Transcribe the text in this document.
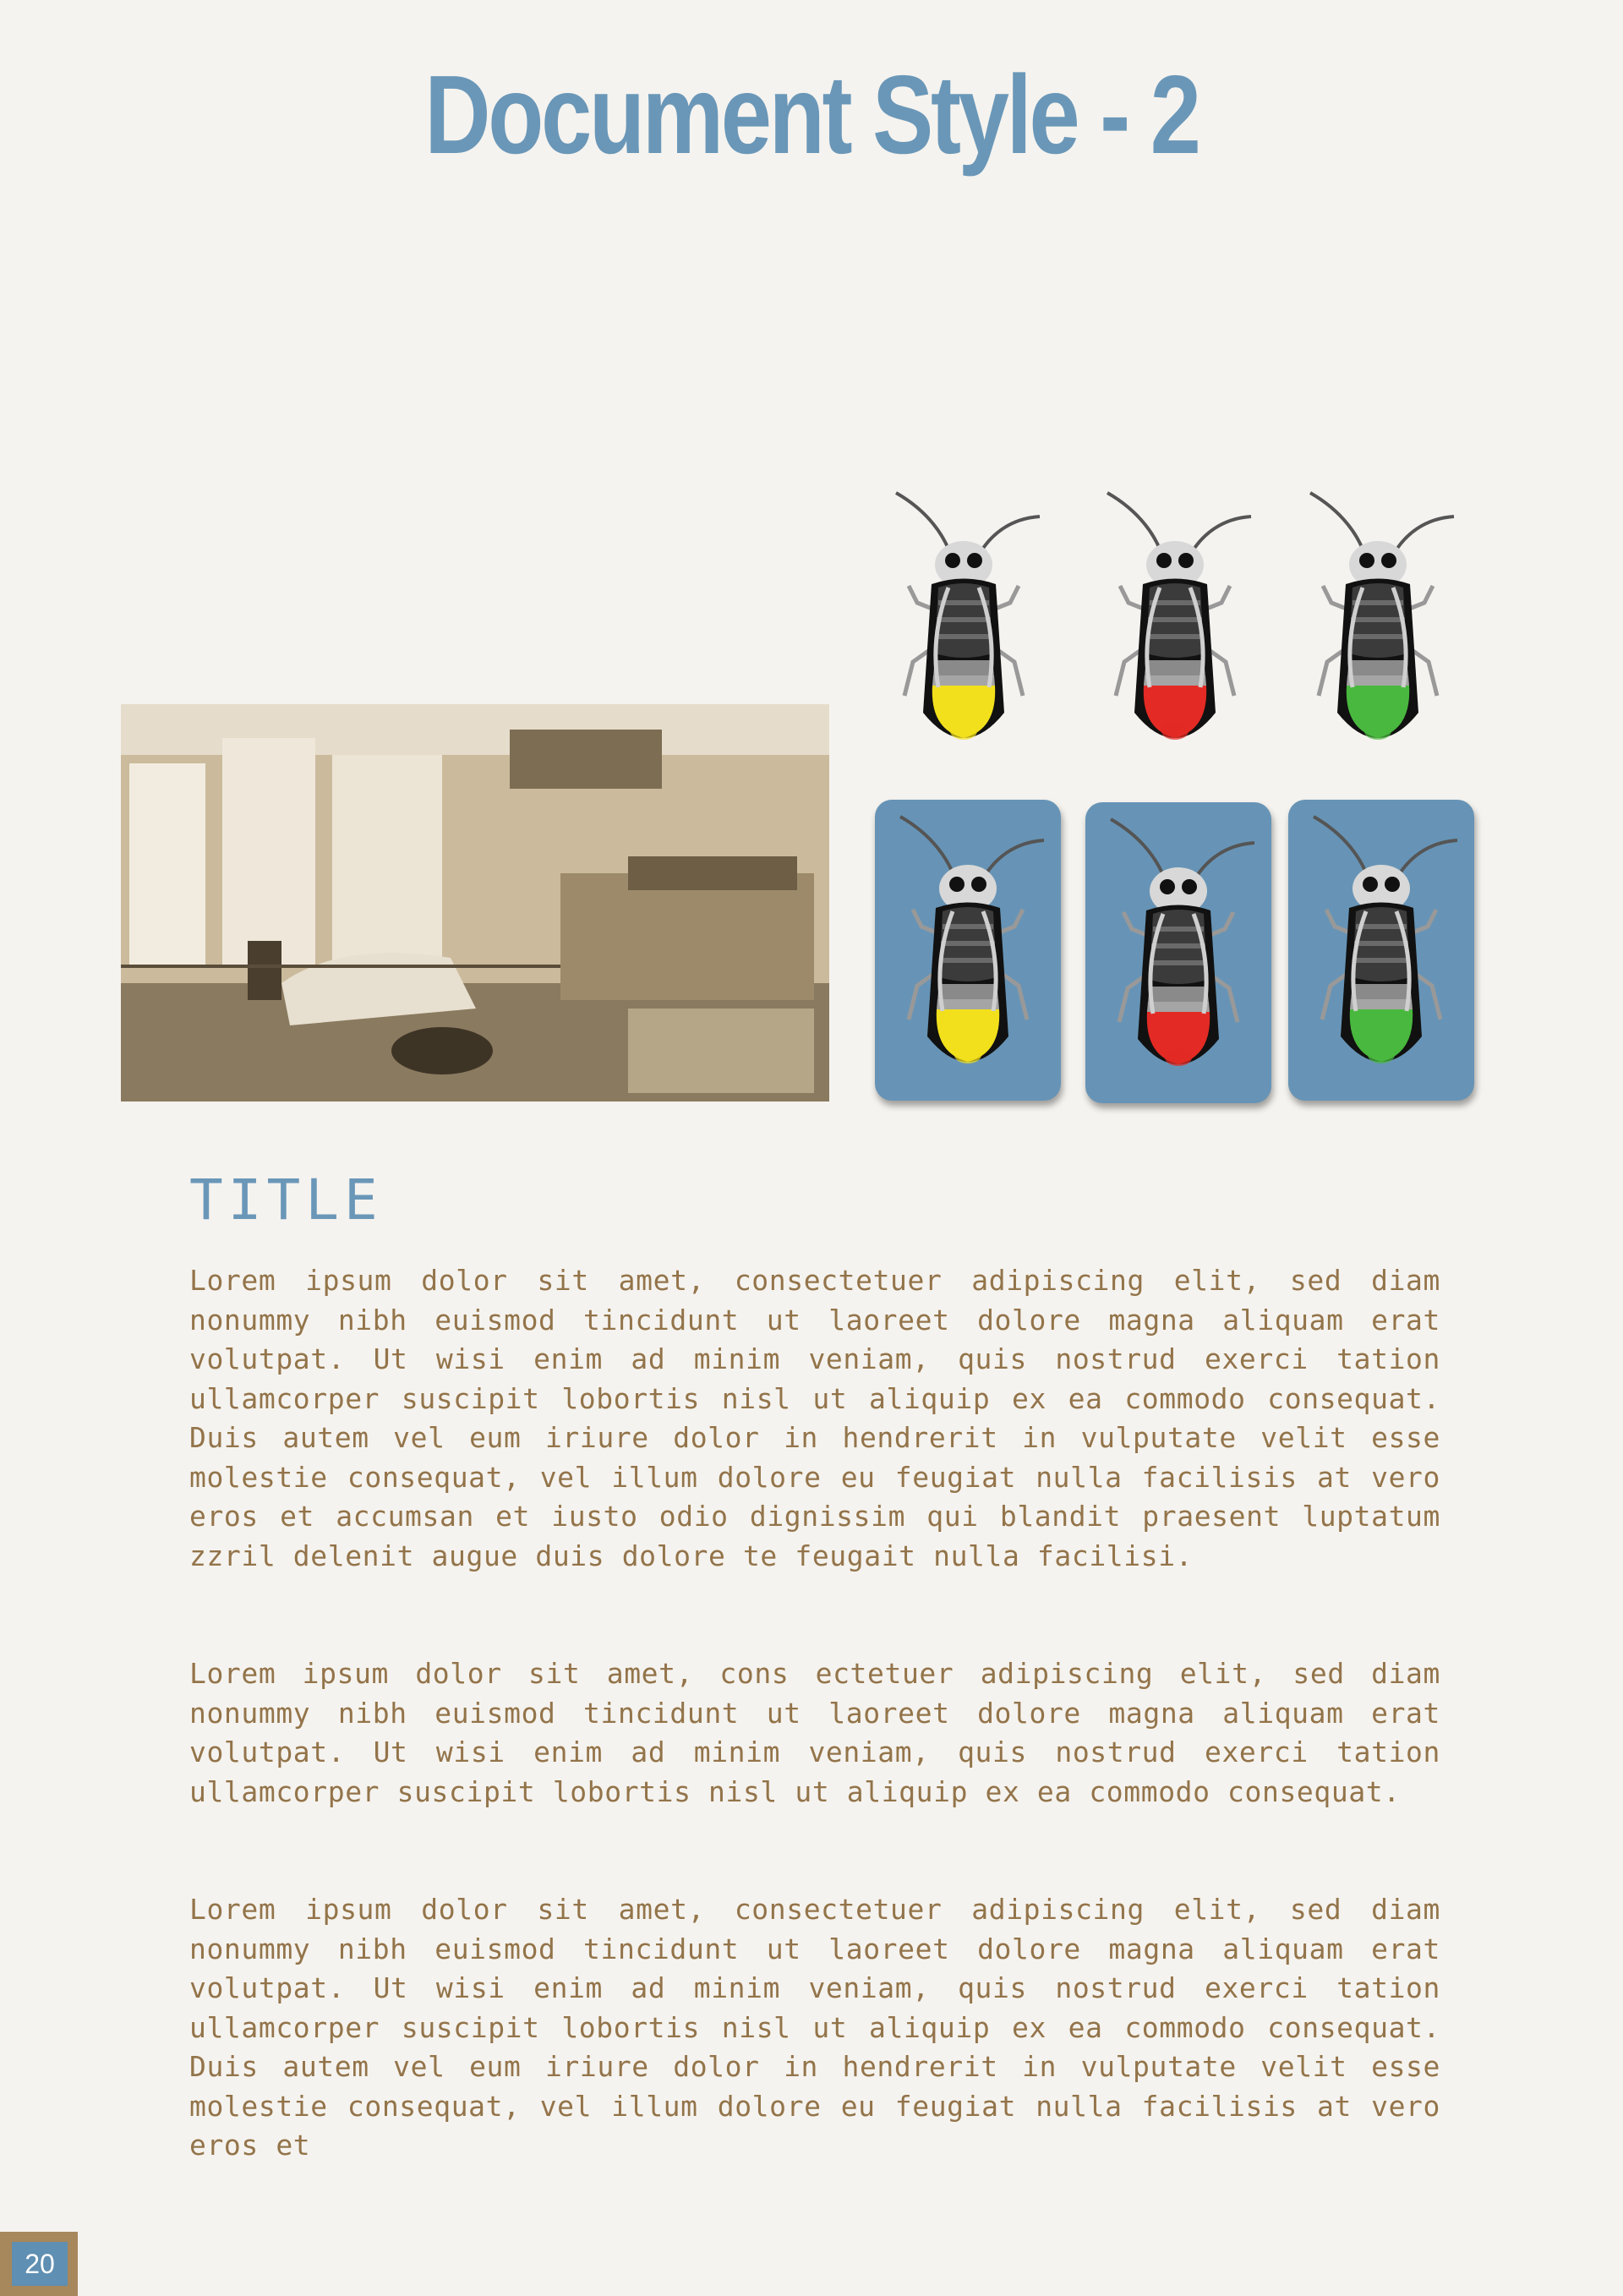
Document Style - 2
TITLE

Lorem ipsum dolor sit amet, consectetuer adipiscing elit, sed diam nonummy nibh euismod tincidunt ut laoreet dolore magna aliquam erat volutpat. Ut wisi enim ad minim veniam, quis nostrud exerci tation ullamcorper suscipit lobortis nisl ut aliquip ex ea commodo consequat. Duis autem vel eum iriure dolor in hendrerit in vulputate velit esse molestie consequat, vel illum dolore eu feugiat nulla facilisis at vero eros et accumsan et iusto odio dignissim qui blandit praesent luptatum zzril delenit augue duis dolore te feugait nulla facilisi.

Lorem ipsum dolor sit amet, cons ectetuer adipiscing elit, sed diam nonummy nibh euismod tincidunt ut laoreet dolore magna aliquam erat volutpat. Ut wisi enim ad minim veniam, quis nostrud exerci tation ullamcorper suscipit lobortis nisl ut aliquip ex ea commodo consequat.

Lorem ipsum dolor sit amet, consectetuer adipiscing elit, sed diam nonummy nibh euismod tincidunt ut laoreet dolore magna aliquam erat volutpat. Ut wisi enim ad minim veniam, quis nostrud exerci tation ullamcorper suscipit lobortis nisl ut aliquip ex ea commodo consequat. Duis autem vel eum iriure dolor in hendrerit in vulputate velit esse molestie consequat, vel illum dolore eu feugiat nulla facilisis at vero eros et

20
